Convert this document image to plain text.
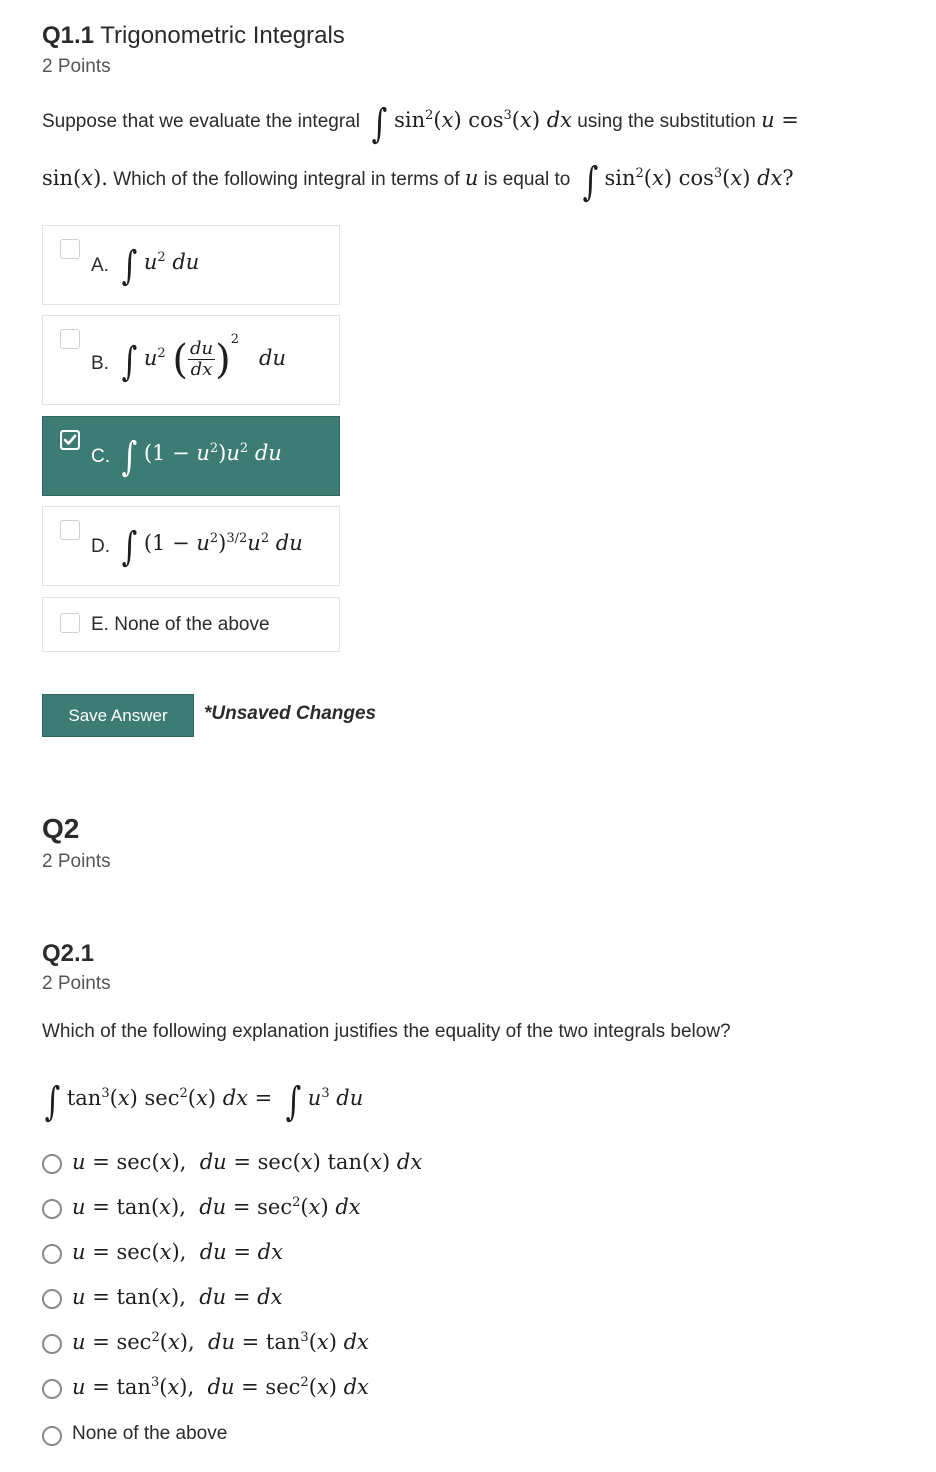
Q1.1 Trigonometric Integrals
2 Points
Suppose that we evaluate the integral ∫ $\sin^2(x)$ $\cos^3(x)$ dx using the substitution u =
sin(x). Which of the following integral in terms of u is equal to ∫ $\sin^2(x)$ $\cos^3(x)$ dx?
A. ∫ $u^2$ du
B. ∫ $u^2$ ( $\frac{du}{dx} )^2$   du
C. ∫ $(1 - u^2)u^2$ du
D. ∫ $(1 - u^2)^{3/2}u^2$ du
E. None of the above
Save Answer	*Unsaved Changes
Q2
2 Points
Q2.1
2 Points
Which of the following explanation justifies the equality of the two integrals below?
∫ $\tan^3(x)$ $\sec^2(x)$ dx = ∫ $u^3$ du
u = sec(x),  du = sec(x) tan(x) dx
u = tan(x),  du = $\sec^2(x)$ dx
u = sec(x),  du = dx
u = tan(x),  du = dx
$u = \sec^2(x)$,  du = $\tan^3(x)$ dx
$u = \tan^3(x)$,  du = $\sec^2(x)$ dx
None of the above
